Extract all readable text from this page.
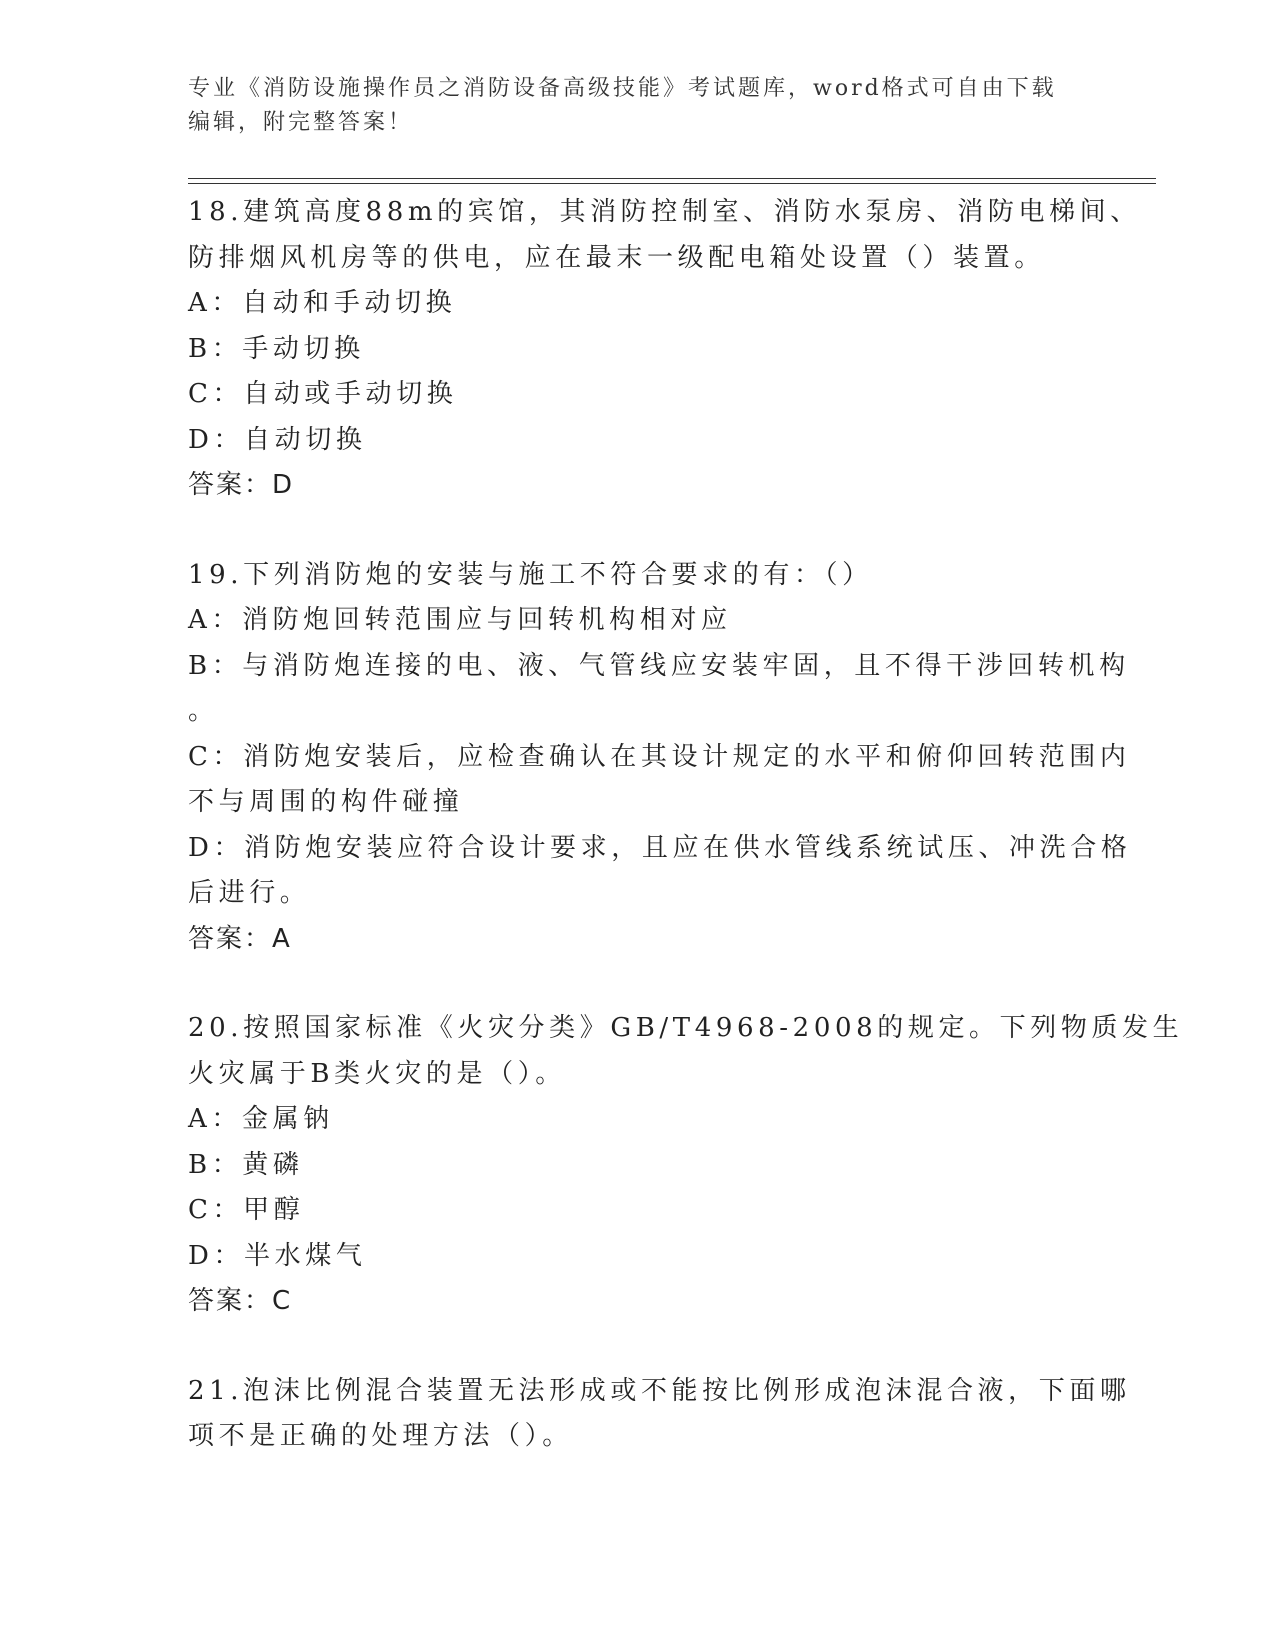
专业《消防设施操作员之消防设备高级技能》考试题库，word格式可自由下载编辑，附完整答案！
18.建筑高度88m的宾馆，其消防控制室、消防水泵房、消防电梯间、
防排烟风机房等的供电，应在最末一级配电箱处设置（）装置。
A：自动和手动切换
B：手动切换
C：自动或手动切换
D：自动切换
答案：D
19.下列消防炮的安装与施工不符合要求的有：（）
A：消防炮回转范围应与回转机构相对应
B：与消防炮连接的电、液、气管线应安装牢固，且不得干涉回转机构
。
C：消防炮安装后，应检查确认在其设计规定的水平和俯仰回转范围内
不与周围的构件碰撞
D：消防炮安装应符合设计要求，且应在供水管线系统试压、冲洗合格
后进行。
答案：A
20.按照国家标准《火灾分类》GB/T4968-2008的规定。下列物质发生
火灾属于B类火灾的是（）。
A：金属钠
B：黄磷
C：甲醇
D：半水煤气
答案：C
21.泡沫比例混合装置无法形成或不能按比例形成泡沫混合液，下面哪
项不是正确的处理方法（）。
